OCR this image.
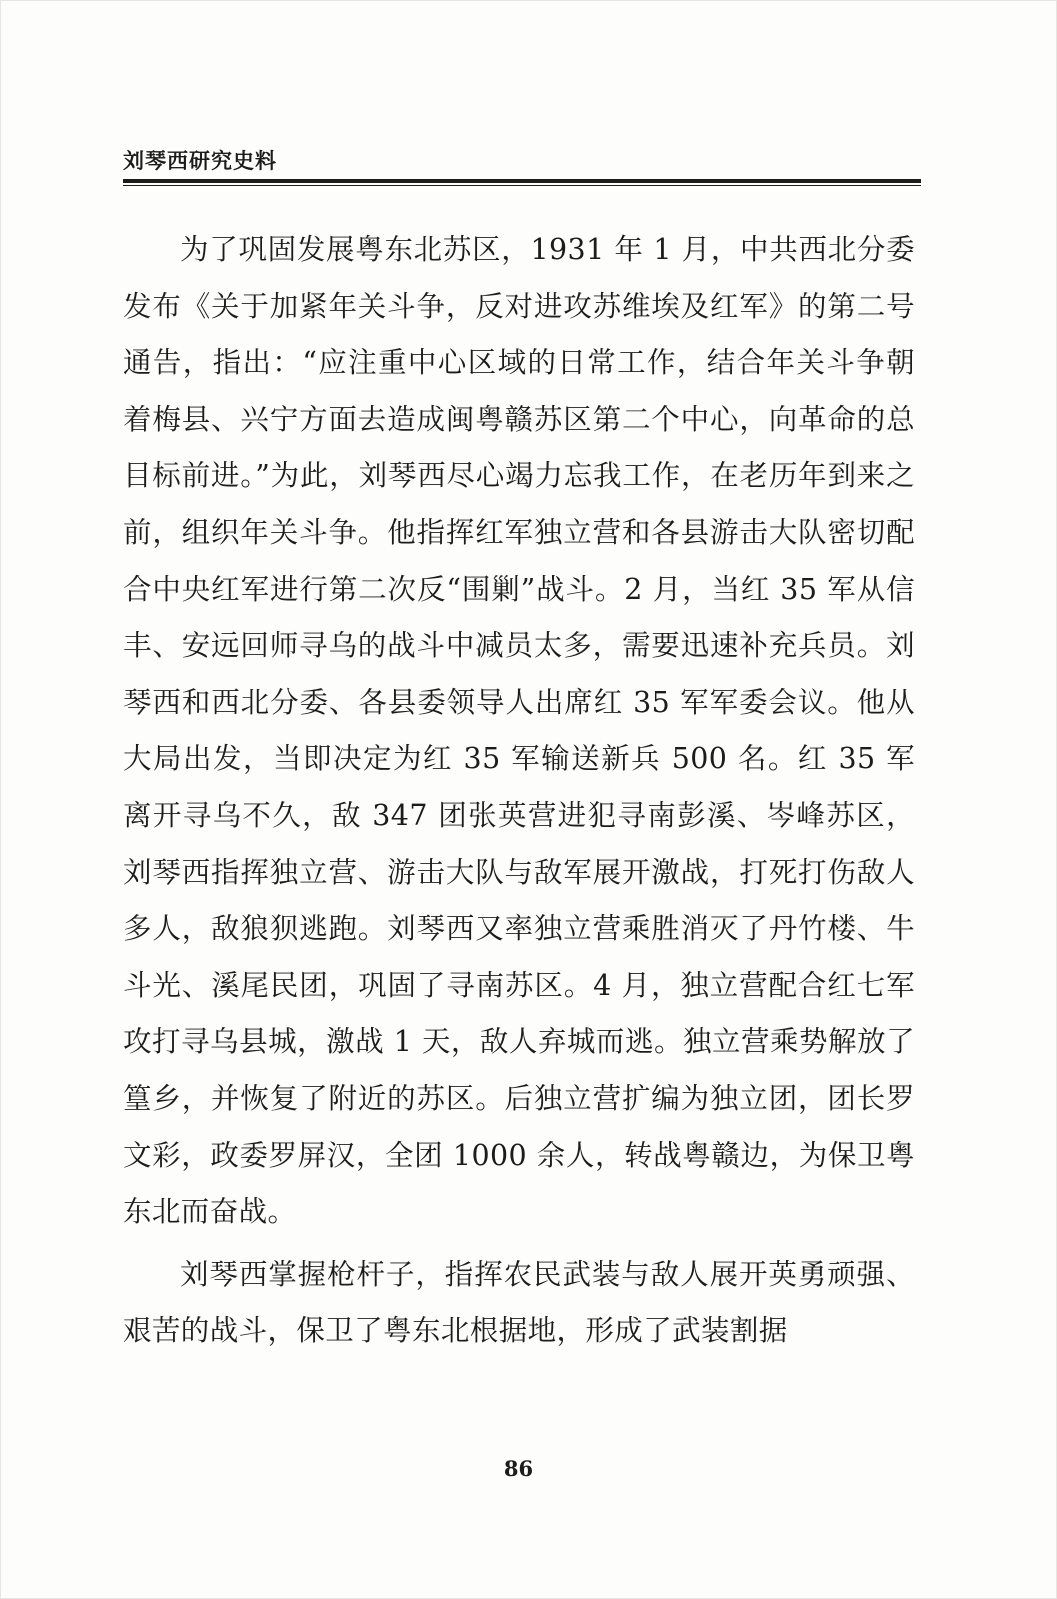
刘琴西研究史料

为了巩固发展粤东北苏区，1931 年 1 月，中共西北分委发布《关于加紧年关斗争，反对进攻苏维埃及红军》的第二号通告，指出：“应注重中心区域的日常工作，结合年关斗争朝着梅县、兴宁方面去造成闽粤赣苏区第二个中心，向革命的总目标前进。”为此，刘琴西尽心竭力忘我工作，在老历年到来之前，组织年关斗争。他指挥红军独立营和各县游击大队密切配合中央红军进行第二次反“围剿”战斗。2 月，当红 35 军从信丰、安远回师寻乌的战斗中减员太多，需要迅速补充兵员。刘琴西和西北分委、各县委领导人出席红 35 军军委会议。他从大局出发，当即决定为红 35 军输送新兵 500 名。红 35 军离开寻乌不久，敌 347 团张英营进犯寻南彭溪、岑峰苏区，刘琴西指挥独立营、游击大队与敌军展开激战，打死打伤敌人多人，敌狼狈逃跑。刘琴西又率独立营乘胜消灭了丹竹楼、牛斗光、溪尾民团，巩固了寻南苏区。4 月，独立营配合红七军攻打寻乌县城，激战 1 天，敌人弃城而逃。独立营乘势解放了篁乡，并恢复了附近的苏区。后独立营扩编为独立团，团长罗文彩，政委罗屏汉，全团 1000 余人，转战粤赣边，为保卫粤东北而奋战。

刘琴西掌握枪杆子，指挥农民武装与敌人展开英勇顽强、艰苦的战斗，保卫了粤东北根据地，形成了武装割据

86
